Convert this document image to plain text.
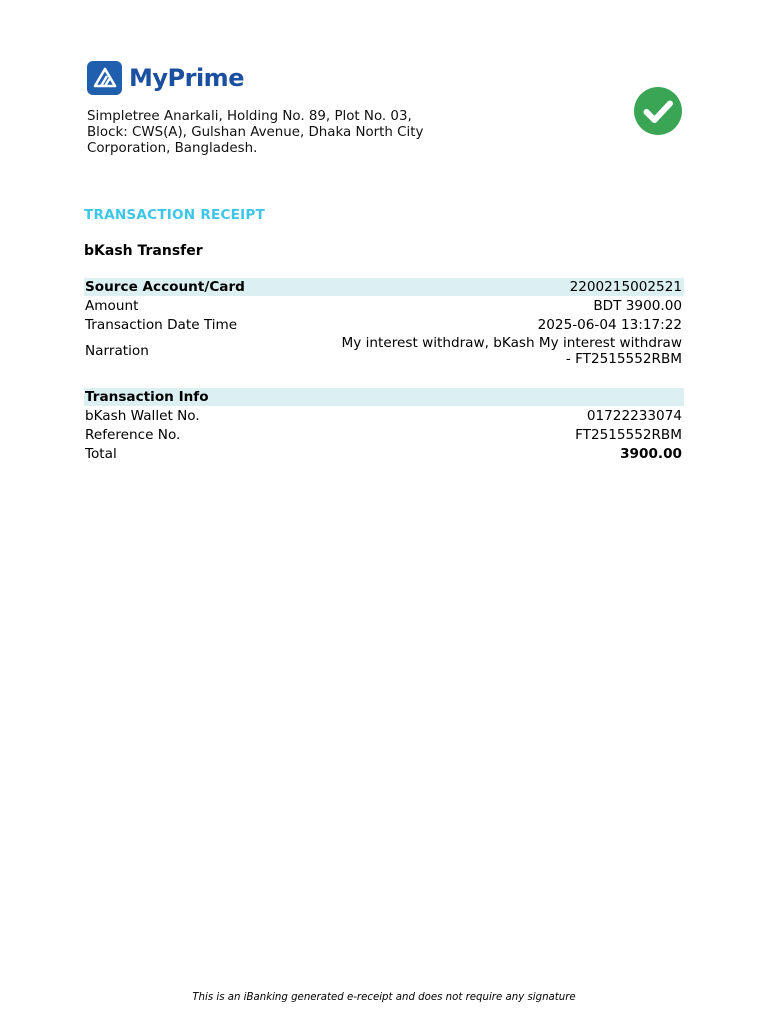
MyPrime
Simpletree Anarkali, Holding No. 89, Plot No. 03, Block: CWS(A), Gulshan Avenue, Dhaka North City Corporation, Bangladesh.
TRANSACTION RECEIPT
bKash Transfer
Source Account/Card	2200215002521
Amount	BDT 3900.00
Transaction Date Time	2025-06-04 13:17:22
Narration	My interest withdraw, bKash My interest withdraw
- FT2515552RBM
Transaction Info	
bKash Wallet No.	01722233074
Reference No.	FT2515552RBM
Total	3900.00
This is an iBanking generated e-receipt and does not require any signature
